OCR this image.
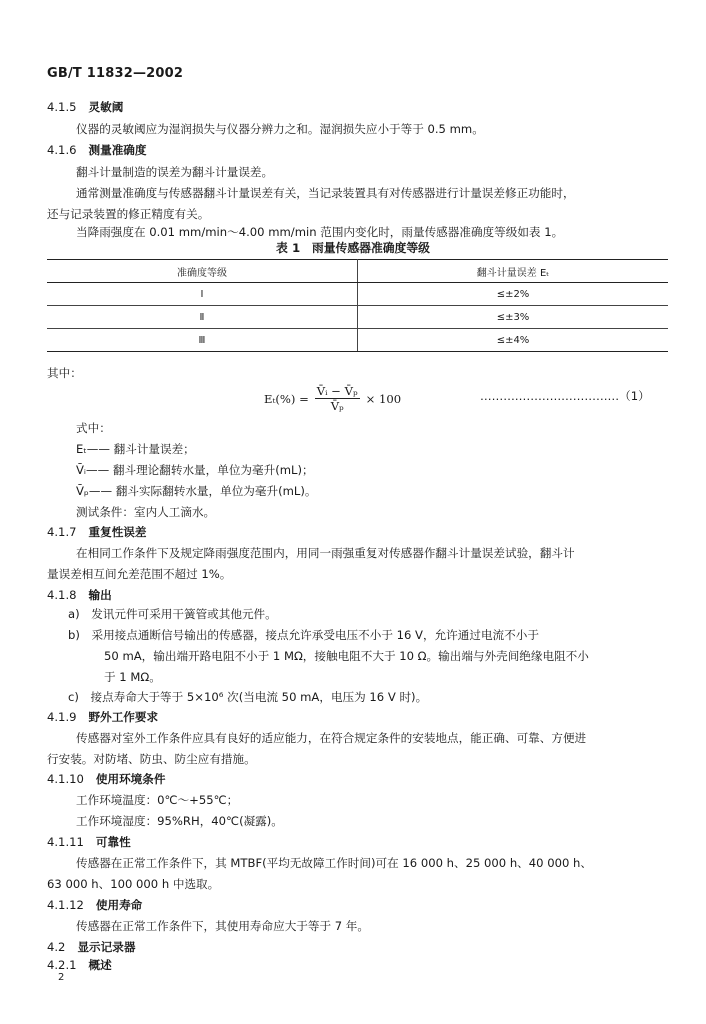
GB/T 11832—2002
4.1.5 灵敏阈
仪器的灵敏阈应为湿润损失与仪器分辨力之和。湿润损失应小于等于 0.5 mm。
4.1.6 测量准确度
翻斗计量制造的误差为翻斗计量误差。
通常测量准确度与传感器翻斗计量误差有关，当记录装置具有对传感器进行计量误差修正功能时，
还与记录装置的修正精度有关。
当降雨强度在 0.01 mm/min～4.00 mm/min 范围内变化时，雨量传感器准确度等级如表 1。
表 1　雨量传感器准确度等级
准确度等级	翻斗计量误差 Eₜ
Ⅰ	≤±2%
Ⅱ	≤±3%
Ⅲ	≤±4%
其中：
$E_t(\%) = \frac{\text{V̄ᵢ − V̄ₚ}}{\text{V̄ₚ}} \times 100$	………………………………（1）
式中：
Eₜ—— 翻斗计量误差；
V̄ᵢ—— 翻斗理论翻转水量，单位为毫升(mL)；
V̄ₚ—— 翻斗实际翻转水量，单位为毫升(mL)。
测试条件：室内人工滴水。
4.1.7 重复性误差
在相同工作条件下及规定降雨强度范围内，用同一雨强重复对传感器作翻斗计量误差试验，翻斗计
量误差相互间允差范围不超过 1%。
4.1.8 输出
a)　发讯元件可采用干簧管或其他元件。
b)　采用接点通断信号输出的传感器，接点允许承受电压不小于 16 V，允许通过电流不小于
50 mA，输出端开路电阻不小于 1 MΩ，接触电阻不大于 10 Ω。输出端与外壳间绝缘电阻不小
于 1 MΩ。
c)　接点寿命大于等于 5×10⁶ 次(当电流 50 mA，电压为 16 V 时)。
4.1.9 野外工作要求
传感器对室外工作条件应具有良好的适应能力，在符合规定条件的安装地点，能正确、可靠、方便进
行安装。对防堵、防虫、防尘应有措施。
4.1.10 使用环境条件
工作环境温度：0℃～+55℃；
工作环境湿度：95%RH，40℃(凝露)。
4.1.11 可靠性
传感器在正常工作条件下，其 MTBF(平均无故障工作时间)可在 16 000 h、25 000 h、40 000 h、
63 000 h、100 000 h 中选取。
4.1.12 使用寿命
传感器在正常工作条件下，其使用寿命应大于等于 7 年。
4.2 显示记录器
4.2.1 概述
2
